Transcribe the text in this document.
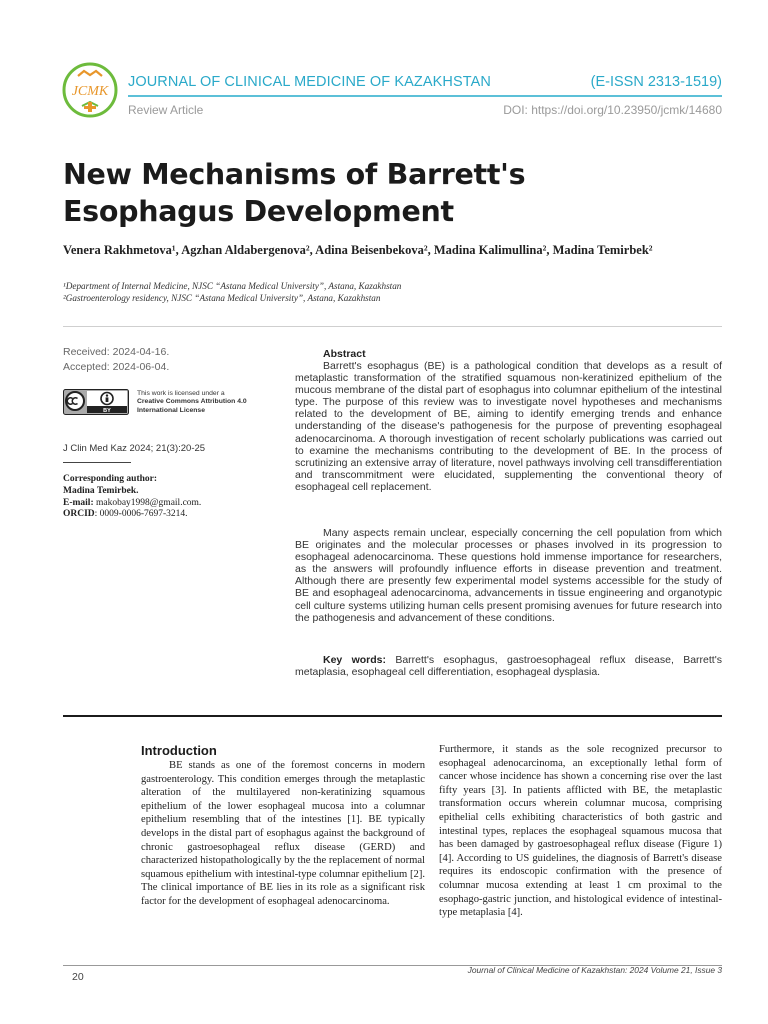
JCMK
JOURNAL OF CLINICAL MEDICINE OF KAZAKHSTAN	(E-ISSN 2313-1519)
Review Article	DOI: https://doi.org/10.23950/jcmk/14680
New Mechanisms of Barrett's Esophagus Development
Venera Rakhmetova¹, Agzhan Aldabergenova², Adina Beisenbekova², Madina Kalimullina², Madina Temirbek²
¹Department of Internal Medicine, NJSC “Astana Medical University”, Astana, Kazakhstan
²Gastroenterology residency, NJSC “Astana Medical University”, Astana, Kazakhstan
Received: 2024-04-16.
Accepted: 2024-06-04.
BY
This work is licensed under a
Creative Commons Attribution 4.0
International License
J Clin Med Kaz 2024; 21(3):20-25
Corresponding author:
Madina Temirbek.
E-mail: makobay1998@gmail.com.
ORCID: 0009-0006-7697-3214.
Abstract
Barrett's esophagus (BE) is a pathological condition that develops as a result of metaplastic transformation of the stratified squamous non-keratinized epithelium of the mucous membrane of the distal part of esophagus into columnar epithelium of the intestinal type. The purpose of this review was to investigate novel hypotheses and mechanisms related to the development of BE, aiming to identify emerging trends and enhance understanding of the disease's pathogenesis for the purpose of preventing esophageal adenocarcinoma. A thorough investigation of recent scholarly publications was carried out to examine the mechanisms contributing to the development of BE. In the process of scrutinizing an extensive array of literature, novel pathways involving cell transdifferentiation and transcommitment were elucidated, supplementing the conventional theory of esophageal cell replacement.
Many aspects remain unclear, especially concerning the cell population from which BE originates and the molecular processes or phases involved in its progression to esophageal adenocarcinoma. These questions hold immense importance for researchers, as the answers will profoundly influence efforts in disease prevention and treatment. Although there are presently few experimental model systems accessible for the study of BE and esophageal adenocarcinoma, advancements in tissue engineering and organotypic cell culture systems utilizing human cells present promising avenues for future research into the pathogenesis and advancement of these conditions.
Key words: Barrett's esophagus, gastroesophageal reflux disease, Barrett's metaplasia, esophageal cell differentiation, esophageal dysplasia.
Introduction
BE stands as one of the foremost concerns in modern gastroenterology. This condition emerges through the metaplastic alteration of the multilayered non-keratinizing squamous epithelium of the lower esophageal mucosa into a columnar epithelium resembling that of the intestines [1]. BE typically develops in the distal part of esophagus against the background of chronic gastroesophageal reflux disease (GERD) and characterized histopathologically by the the replacement of normal squamous epithelium with intestinal-type columnar epithelium [2]. The clinical importance of BE lies in its role as a significant risk factor for the development of esophageal adenocarcinoma.
Furthermore, it stands as the sole recognized precursor to esophageal adenocarcinoma, an exceptionally lethal form of cancer whose incidence has shown a concerning rise over the last fifty years [3]. In patients afflicted with BE, the metaplastic transformation occurs wherein columnar mucosa, comprising epithelial cells exhibiting characteristics of both gastric and intestinal types, replaces the esophageal squamous mucosa that has been damaged by gastroesophageal reflux disease (Figure 1) [4]. According to US guidelines, the diagnosis of Barrett's disease requires its endoscopic confirmation with the presence of columnar mucosa extending at least 1 cm proximal to the esophago-gastric junction, and histological evidence of intestinal-type metaplasia [4].
20
Journal of Clinical Medicine of Kazakhstan: 2024 Volume 21, Issue 3
